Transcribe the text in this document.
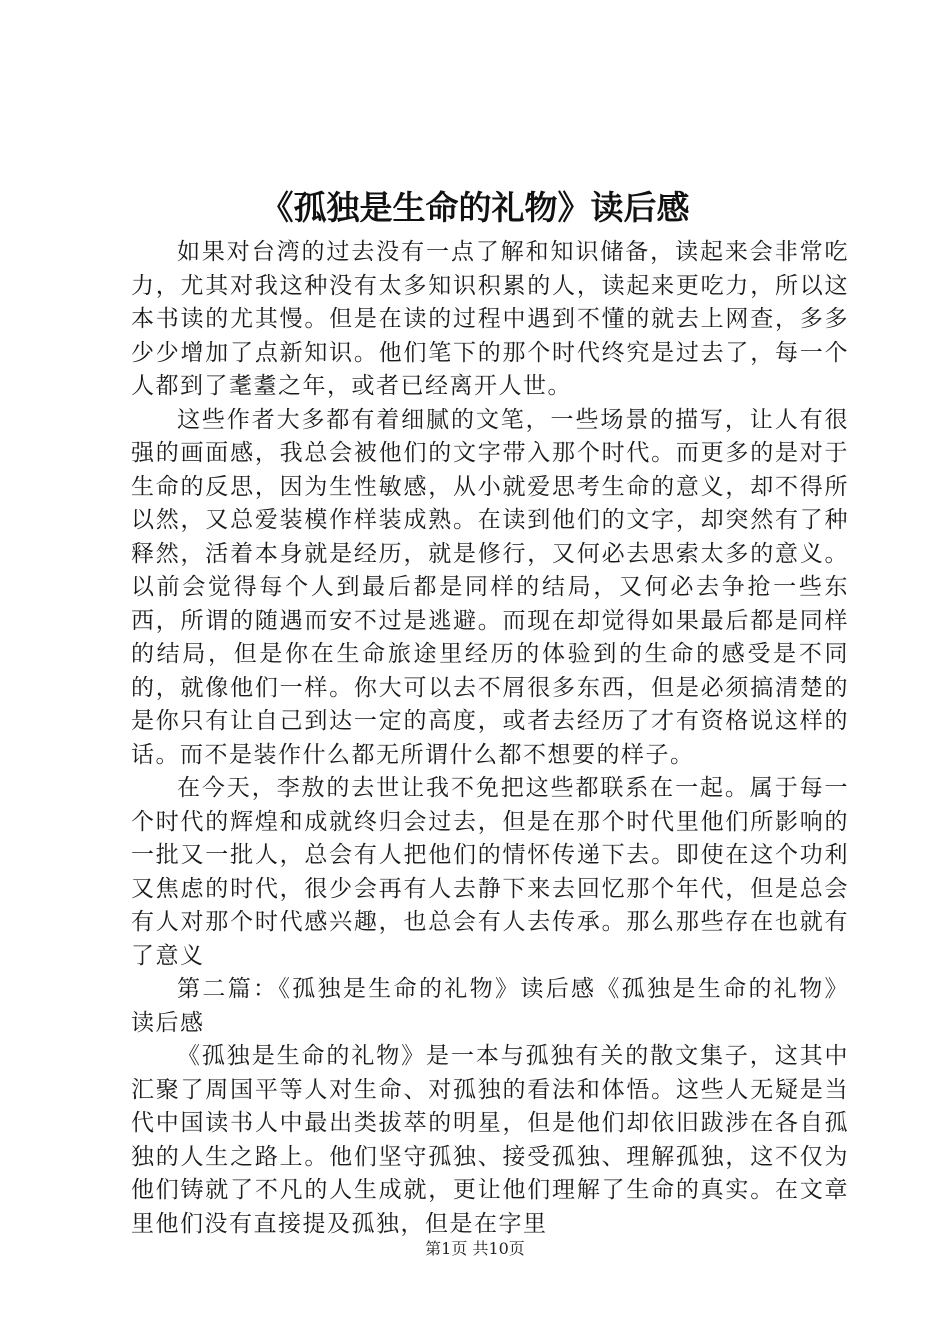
《孤独是生命的礼物》读后感

如果对台湾的过去没有一点了解和知识储备，读起来会非常吃力，尤其对我这种没有太多知识积累的人，读起来更吃力，所以这本书读的尤其慢。但是在读的过程中遇到不懂的就去上网查，多多少少增加了点新知识。他们笔下的那个时代终究是过去了，每一个人都到了耄耋之年，或者已经离开人世。

这些作者大多都有着细腻的文笔，一些场景的描写，让人有很强的画面感，我总会被他们的文字带入那个时代。而更多的是对于生命的反思，因为生性敏感，从小就爱思考生命的意义，却不得所以然，又总爱装模作样装成熟。在读到他们的文字，却突然有了种释然，活着本身就是经历，就是修行，又何必去思索太多的意义。以前会觉得每个人到最后都是同样的结局，又何必去争抢一些东西，所谓的随遇而安不过是逃避。而现在却觉得如果最后都是同样的结局，但是你在生命旅途里经历的体验到的生命的感受是不同的，就像他们一样。你大可以去不屑很多东西，但是必须搞清楚的是你只有让自己到达一定的高度，或者去经历了才有资格说这样的话。而不是装作什么都无所谓什么都不想要的样子。

在今天，李敖的去世让我不免把这些都联系在一起。属于每一个时代的辉煌和成就终归会过去，但是在那个时代里他们所影响的一批又一批人，总会有人把他们的情怀传递下去。即使在这个功利又焦虑的时代，很少会再有人去静下来去回忆那个年代，但是总会有人对那个时代感兴趣，也总会有人去传承。那么那些存在也就有了意义

第二篇：《孤独是生命的礼物》读后感《孤独是生命的礼物》读后感

《孤独是生命的礼物》是一本与孤独有关的散文集子，这其中汇聚了周国平等人对生命、对孤独的看法和体悟。这些人无疑是当代中国读书人中最出类拔萃的明星，但是他们却依旧跋涉在各自孤独的人生之路上。他们坚守孤独、接受孤独、理解孤独，这不仅为他们铸就了不凡的人生成就，更让他们理解了生命的真实。在文章里他们没有直接提及孤独，但是在字里

第1页 共10页
